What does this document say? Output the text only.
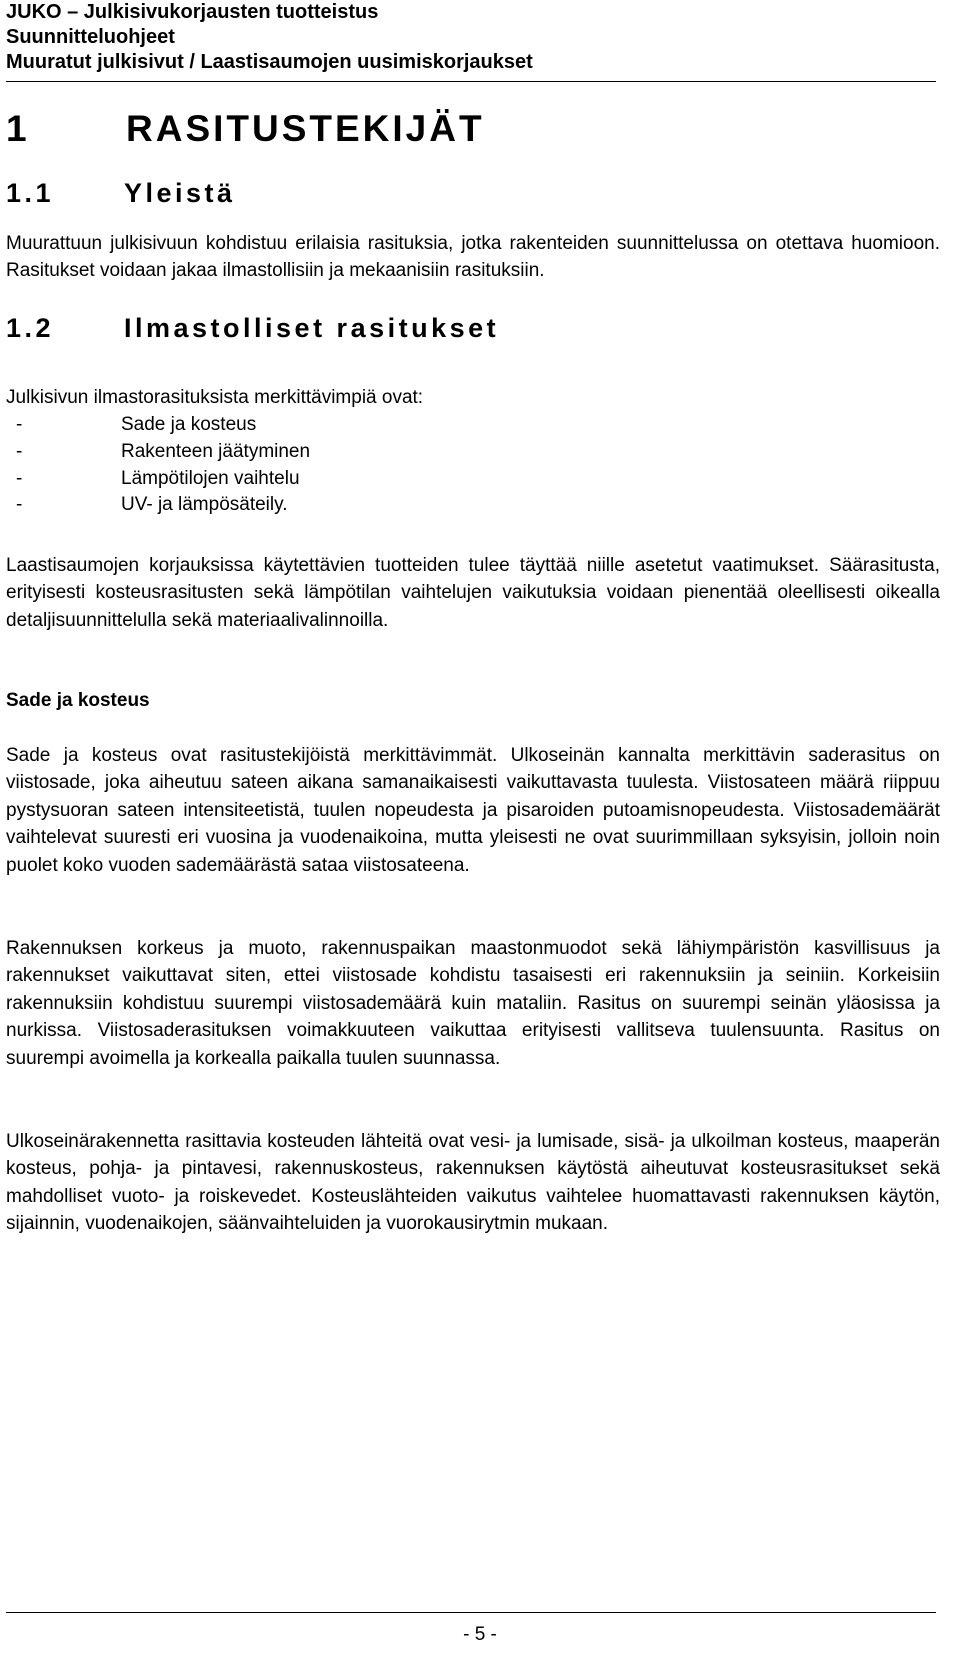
JUKO – Julkisivukorjausten tuotteistus
Suunnitteluohjeet
Muuratut julkisivut / Laastisaumojen uusimiskorjaukset
1	RASITUSTEKIJÄT
1.1	Yleistä

Muurattuun julkisivuun kohdistuu erilaisia rasituksia, jotka rakenteiden suunnittelussa on otettava huomioon. Rasitukset voidaan jakaa ilmastollisiin ja mekaanisiin rasituksiin.

1.2	Ilmastolliset rasitukset

Julkisivun ilmastorasituksista merkittävimpiä ovat:

-	Sade ja kosteus
-	Rakenteen jäätyminen
-	Lämpötilojen vaihtelu
-	UV- ja lämpösäteily.

Laastisaumojen korjauksissa käytettävien tuotteiden tulee täyttää niille asetetut vaatimukset. Säärasitusta, erityisesti kosteusrasitusten sekä lämpötilan vaihtelujen vaikutuksia voidaan pienentää oleellisesti oikealla detaljisuunnittelulla sekä materiaalivalinnoilla.

Sade ja kosteus

Sade ja kosteus ovat rasitustekijöistä merkittävimmät. Ulkoseinän kannalta merkittävin saderasitus on viistosade, joka aiheutuu sateen aikana samanaikaisesti vaikuttavasta tuulesta. Viistosateen määrä riippuu pystysuoran sateen intensiteetistä, tuulen nopeudesta ja pisaroiden putoamisnopeudesta. Viistosademäärät vaihtelevat suuresti eri vuosina ja vuodenaikoina, mutta yleisesti ne ovat suurimmillaan syksyisin, jolloin noin puolet koko vuoden sademäärästä sataa viistosateena.

Rakennuksen korkeus ja muoto, rakennuspaikan maastonmuodot sekä lähiympäristön kasvillisuus ja rakennukset vaikuttavat siten, ettei viistosade kohdistu tasaisesti eri rakennuksiin ja seiniin. Korkeisiin rakennuksiin kohdistuu suurempi viistosademäärä kuin mataliin. Rasitus on suurempi seinän yläosissa ja nurkissa. Viistosaderasituksen voimakkuuteen vaikuttaa erityisesti vallitseva tuulensuunta. Rasitus on suurempi avoimella ja korkealla paikalla tuulen suunnassa.

Ulkoseinärakennetta rasittavia kosteuden lähteitä ovat vesi- ja lumisade, sisä- ja ulkoilman kosteus, maaperän kosteus, pohja- ja pintavesi, rakennuskosteus, rakennuksen käytöstä aiheutuvat kosteusrasitukset sekä mahdolliset vuoto- ja roiskevedet. Kosteuslähteiden vaikutus vaihtelee huomattavasti rakennuksen käytön, sijainnin, vuodenaikojen, säänvaihteluiden ja vuorokausirytmin mukaan.

- 5 -
